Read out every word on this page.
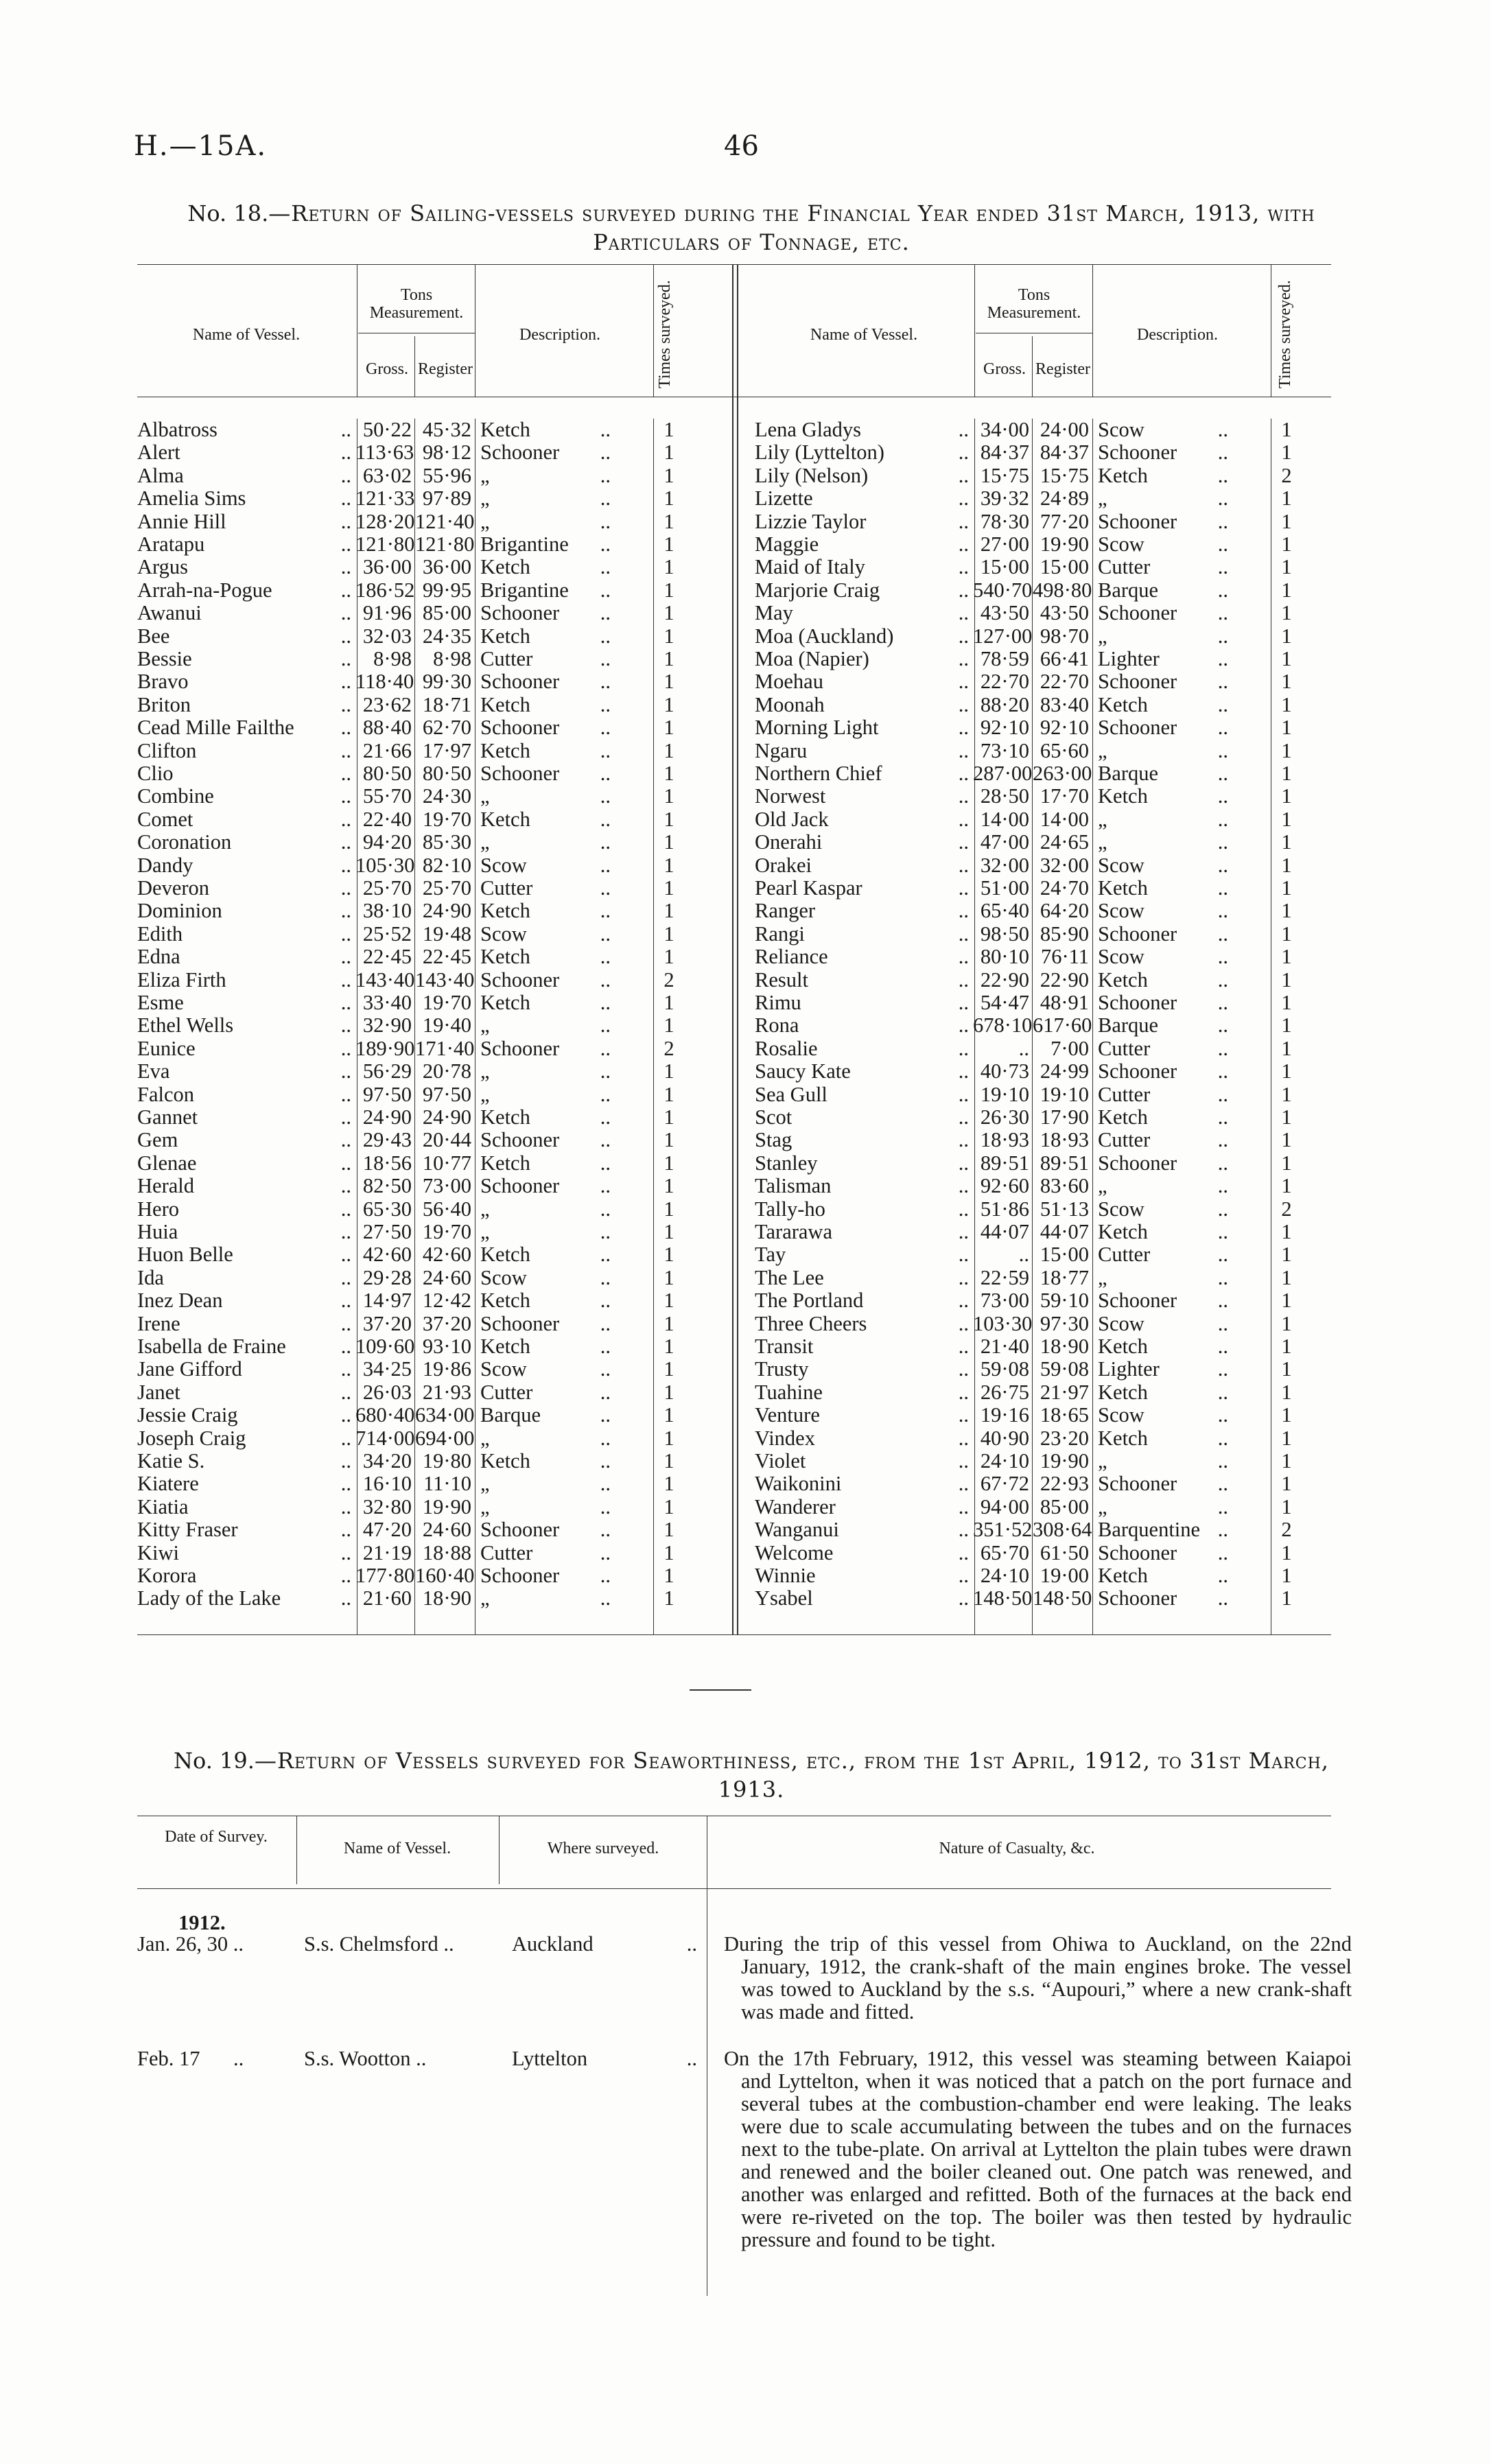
H.—15A.	46
No. 18.—Return of Sailing-vessels surveyed during the Financial Year ended 31st March, 1913, with Particulars of Tonnage, etc.
Name of Vessel.
Tons Measurement.
Gross. Register
Description.	Times surveyed.	Name of Vessel.
Tons Measurement.
Gross. Register
Description.	Times surveyed.
Albatross	.. 50·22 45·32 Ketch	..	1
Alert	.. 113·63 98·12 Schooner ..	1
Alma	.. 63·02 55·96 „	..	1
Amelia Sims	.. 121·33 97·89 „	..	1
Annie Hill	.. 128·20 121·40 „	..	1
Aratapu	.. 121·80 121·80 Brigantine ..	1
Argus	.. 36·00 36·00 Ketch	..	1
Arrah-na-Pogue	.. 186·52 99·95 Brigantine ..	1
Awanui	.. 91·96 85·00 Schooner ..	1
Bee	.. 32·03 24·35 Ketch	..	1
Bessie	..	8·98	8·98 Cutter	..	1
Bravo	.. 118·40 99·30 Schooner ..	1
Briton	.. 23·62 18·71 Ketch	..	1
Cead Mille Failthe .. 88·40 62·70 Schooner ..	1
Clifton	.. 21·66 17·97 Ketch	..	1
Clio	.. 80·50 80·50 Schooner ..	1
Combine	.. 55·70 24·30 „	..	1
Comet	.. 22·40 19·70 Ketch	..	1
Coronation	.. 94·20 85·30 „	..	1
Dandy	.. 105·30 82·10 Scow	..	1
Deveron	.. 25·70 25·70 Cutter	..	1
Dominion	.. 38·10 24·90 Ketch	..	1
Edith	.. 25·52 19·48 Scow	..	1
Edna	.. 22·45 22·45 Ketch	..	1
Eliza Firth	.. 143·40 143·40 Schooner ..	2
Esme	.. 33·40 19·70 Ketch	..	1
Ethel Wells	.. 32·90 19·40 „	..	1
Eunice	.. 189·90 171·40 Schooner ..	2
Eva	.. 56·29 20·78 „	..	1
Falcon	.. 97·50 97·50 „	..	1
Gannet	.. 24·90 24·90 Ketch	..	1
Gem	.. 29·43 20·44 Schooner ..	1
Glenae	.. 18·56 10·77 Ketch	..	1
Herald	.. 82·50 73·00 Schooner ..	1
Hero	.. 65·30 56·40 „	..	1
Huia	.. 27·50 19·70 „	..	1
Huon Belle	.. 42·60 42·60 Ketch	..	1
Ida	.. 29·28 24·60 Scow	..	1
Inez Dean	.. 14·97 12·42 Ketch	..	1
Irene	.. 37·20 37·20 Schooner ..	1
Isabella de Fraine	.. 109·60 93·10 Ketch	..	1
Jane Gifford	.. 34·25 19·86 Scow	..	1
Janet	.. 26·03 21·93 Cutter	..	1
Jessie Craig	.. 680·40 634·00 Barque	..	1
Joseph Craig	.. 714·00 694·00 „	..	1
Katie S.	.. 34·20 19·80 Ketch	..	1
Kiatere	.. 16·10 11·10 „	..	1
Kiatia	.. 32·80 19·90 „	..	1
Kitty Fraser	.. 47·20 24·60 Schooner ..	1
Kiwi	.. 21·19 18·88 Cutter	..	1
Korora	.. 177·80 160·40 Schooner ..	1
Lady of the Lake	.. 21·60 18·90 „	..	1
Lena Gladys	.. 34·00 24·00 Scow	..	1
Lily (Lyttelton)	.. 84·37 84·37 Schooner ..	1
Lily (Nelson)	.. 15·75 15·75 Ketch	..	2
Lizette	.. 39·32 24·89 „	..	1
Lizzie Taylor	.. 78·30 77·20 Schooner ..	1
Maggie	.. 27·00 19·90 Scow	..	1
Maid of Italy	.. 15·00 15·00 Cutter	..	1
Marjorie Craig	.. 540·70 498·80 Barque	..	1
May	.. 43·50 43·50 Schooner ..	1
Moa (Auckland)	.. 127·00 98·70 „	..	1
Moa (Napier)	.. 78·59 66·41 Lighter	..	1
Moehau	.. 22·70 22·70 Schooner ..	1
Moonah	.. 88·20 83·40 Ketch	..	1
Morning Light	.. 92·10 92·10 Schooner ..	1
Ngaru	.. 73·10 65·60 „	..	1
Northern Chief	.. 287·00 263·00 Barque	..	1
Norwest	.. 28·50 17·70 Ketch	..	1
Old Jack	.. 14·00 14·00 „	..	1
Onerahi	.. 47·00 24·65 „	..	1
Orakei	.. 32·00 32·00 Scow	..	1
Pearl Kaspar	.. 51·00 24·70 Ketch	..	1
Ranger	.. 65·40 64·20 Scow	..	1
Rangi	.. 98·50 85·90 Schooner ..	1
Reliance	.. 80·10 76·11 Scow	..	1
Result	.. 22·90 22·90 Ketch	..	1
Rimu	.. 54·47 48·91 Schooner ..	1
Rona	.. 678·10 617·60 Barque	..	1
Rosalie	..	..	7·00 Cutter	..	1
Saucy Kate	.. 40·73 24·99 Schooner ..	1
Sea Gull	.. 19·10 19·10 Cutter	..	1
Scot	.. 26·30 17·90 Ketch	..	1
Stag	.. 18·93 18·93 Cutter	..	1
Stanley	.. 89·51 89·51 Schooner ..	1
Talisman	.. 92·60 83·60 „	..	1
Tally-ho	.. 51·86 51·13 Scow	..	2
Tararawa	.. 44·07 44·07 Ketch	..	1
Tay	..	.. 15·00 Cutter	..	1
The Lee	.. 22·59 18·77 „	..	1
The Portland	.. 73·00 59·10 Schooner ..	1
Three Cheers	.. 103·30 97·30 Scow	..	1
Transit	.. 21·40 18·90 Ketch	..	1
Trusty	.. 59·08 59·08 Lighter	..	1
Tuahine	.. 26·75 21·97 Ketch	..	1
Venture	.. 19·16 18·65 Scow	..	1
Vindex	.. 40·90 23·20 Ketch	..	1
Violet	.. 24·10 19·90 „	..	1
Waikonini	.. 67·72 22·93 Schooner ..	1
Wanderer	.. 94·00 85·00 „	..	1
Wanganui	.. 351·52 308·64 Barquentine ..	2
Welcome	.. 65·70 61·50 Schooner ..	1
Winnie	.. 24·10 19·00 Ketch	..	1
Ysabel	.. 148·50 148·50 Schooner ..	1
No. 19.—Return of Vessels surveyed for Seaworthiness, etc., from the 1st April, 1912, to 31st March, 1913.
Date of Survey.
Name of Vessel.	Where surveyed.	Nature of Casualty, &c.
1912.
Jan. 26, 30 ..	S.s. Chelmsford ..	Auckland	.. During the trip of this vessel from Ohiwa to Auckland, on the 22nd January, 1912, the crank-shaft of the main engines broke. The vessel was towed to Auckland by the s.s. “Aupouri,” where a new crank-shaft was made and fitted.
Feb. 17 ..	S.s. Wootton ..	Lyttelton	.. On the 17th February, 1912, this vessel was steaming between Kaiapoi and Lyttelton, when it was noticed that a patch on the port furnace and several tubes at the combustion-chamber end were leaking. The leaks were due to scale accumulating between the tubes and on the furnaces next to the tube-plate. On arrival at Lyttelton the plain tubes were drawn and renewed and the boiler cleaned out. One patch was renewed, and another was enlarged and refitted. Both of the furnaces at the back end were re-riveted on the top. The boiler was then tested by hydraulic pressure and found to be tight.
